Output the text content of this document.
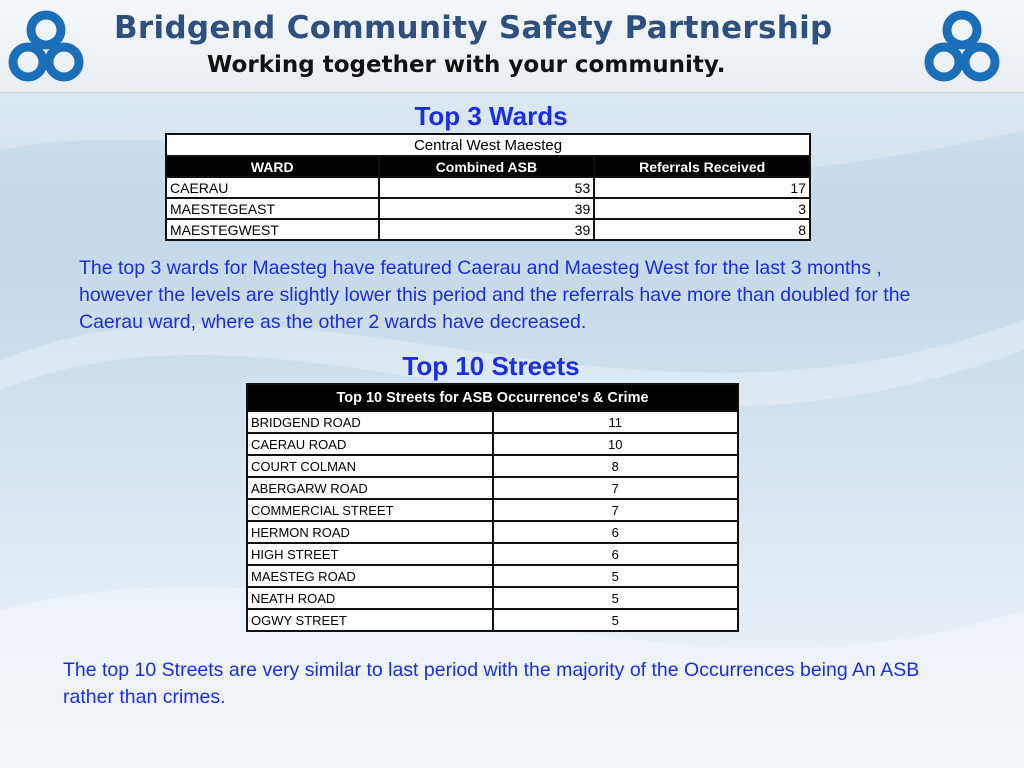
Bridgend Community Safety Partnership
Working together with your community.
Top 3 Wards
Central West Maesteg		
WARD	Combined ASB	Referrals Received
CAERAU	53	17
MAESTEGEAST	39	3
MAESTEGWEST	39	8
The top 3 wards for Maesteg have featured Caerau and Maesteg West for the last 3 months , however the levels are slightly lower this period and the referrals have more than doubled for the Caerau ward, where as the other 2 wards have decreased.
Top 10 Streets
Top 10 Streets for ASB Occurrence's & Crime	
BRIDGEND ROAD	11
CAERAU ROAD	10
COURT COLMAN	8
ABERGARW ROAD	7
COMMERCIAL STREET	7
HERMON ROAD	6
HIGH STREET	6
MAESTEG ROAD	5
NEATH ROAD	5
OGWY STREET	5
The top 10 Streets are very similar to last period with the majority of the Occurrences being An ASB rather than crimes.
